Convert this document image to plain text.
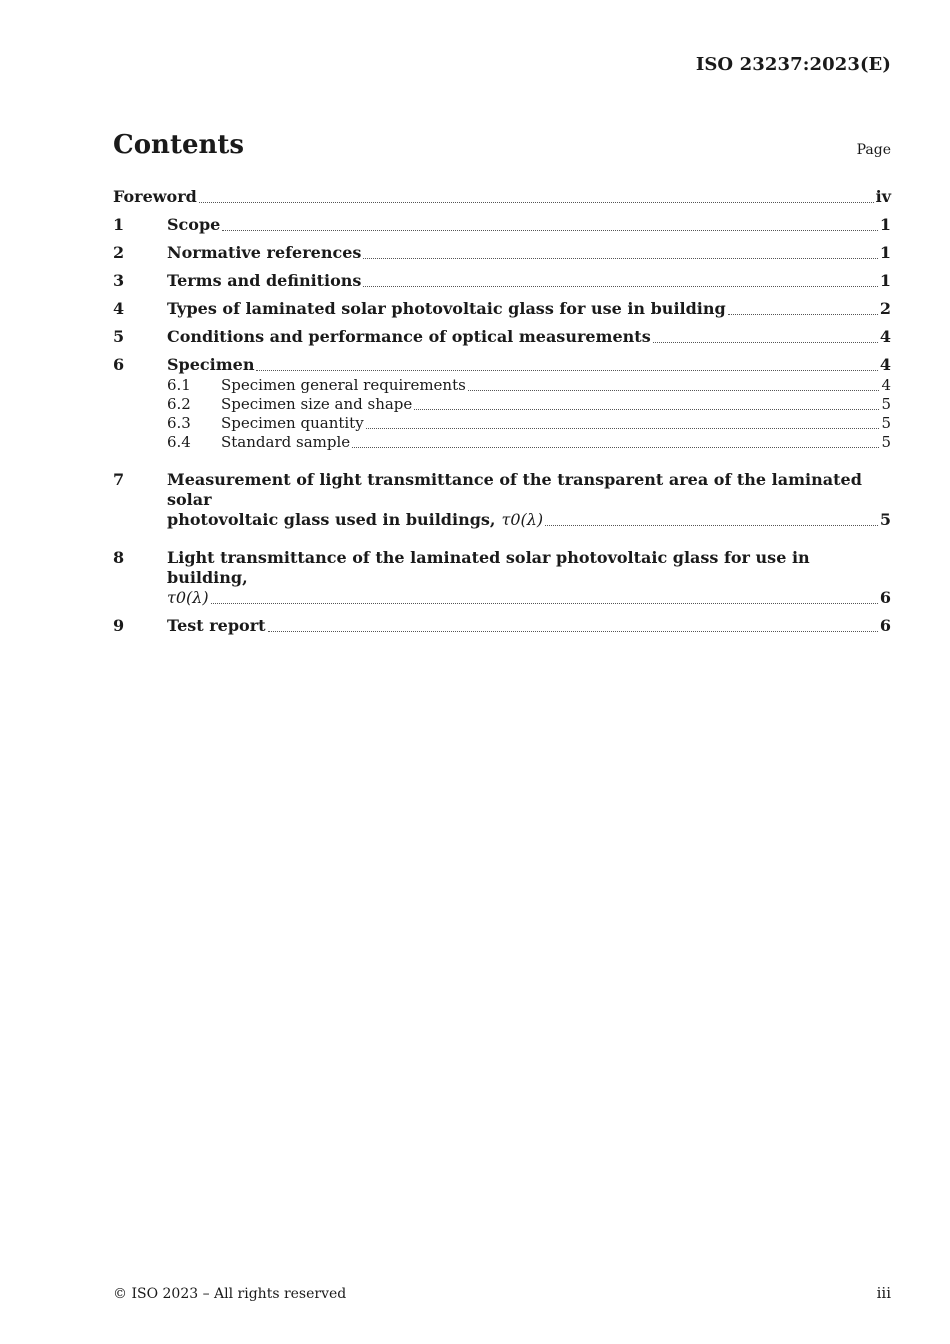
ISO 23237:2023(E)
Contents	Page
Foreword	iv
1	Scope	1
2	Normative references	1
3	Terms and definitions	1
4	Types of laminated solar photovoltaic glass for use in building	2
5	Conditions and performance of optical measurements	4
6	Specimen	4
6.1	Specimen general requirements	4
6.2	Specimen size and shape	5
6.3	Specimen quantity	5
6.4	Standard sample	5
7	Measurement of light transmittance of the transparent area of the laminated solar
photovoltaic glass used in buildings, τ0(λ)	5
8	Light transmittance of the laminated solar photovoltaic glass for use in building,
τ0(λ)	6
9	Test report	6
© ISO 2023 – All rights reserved	iii
